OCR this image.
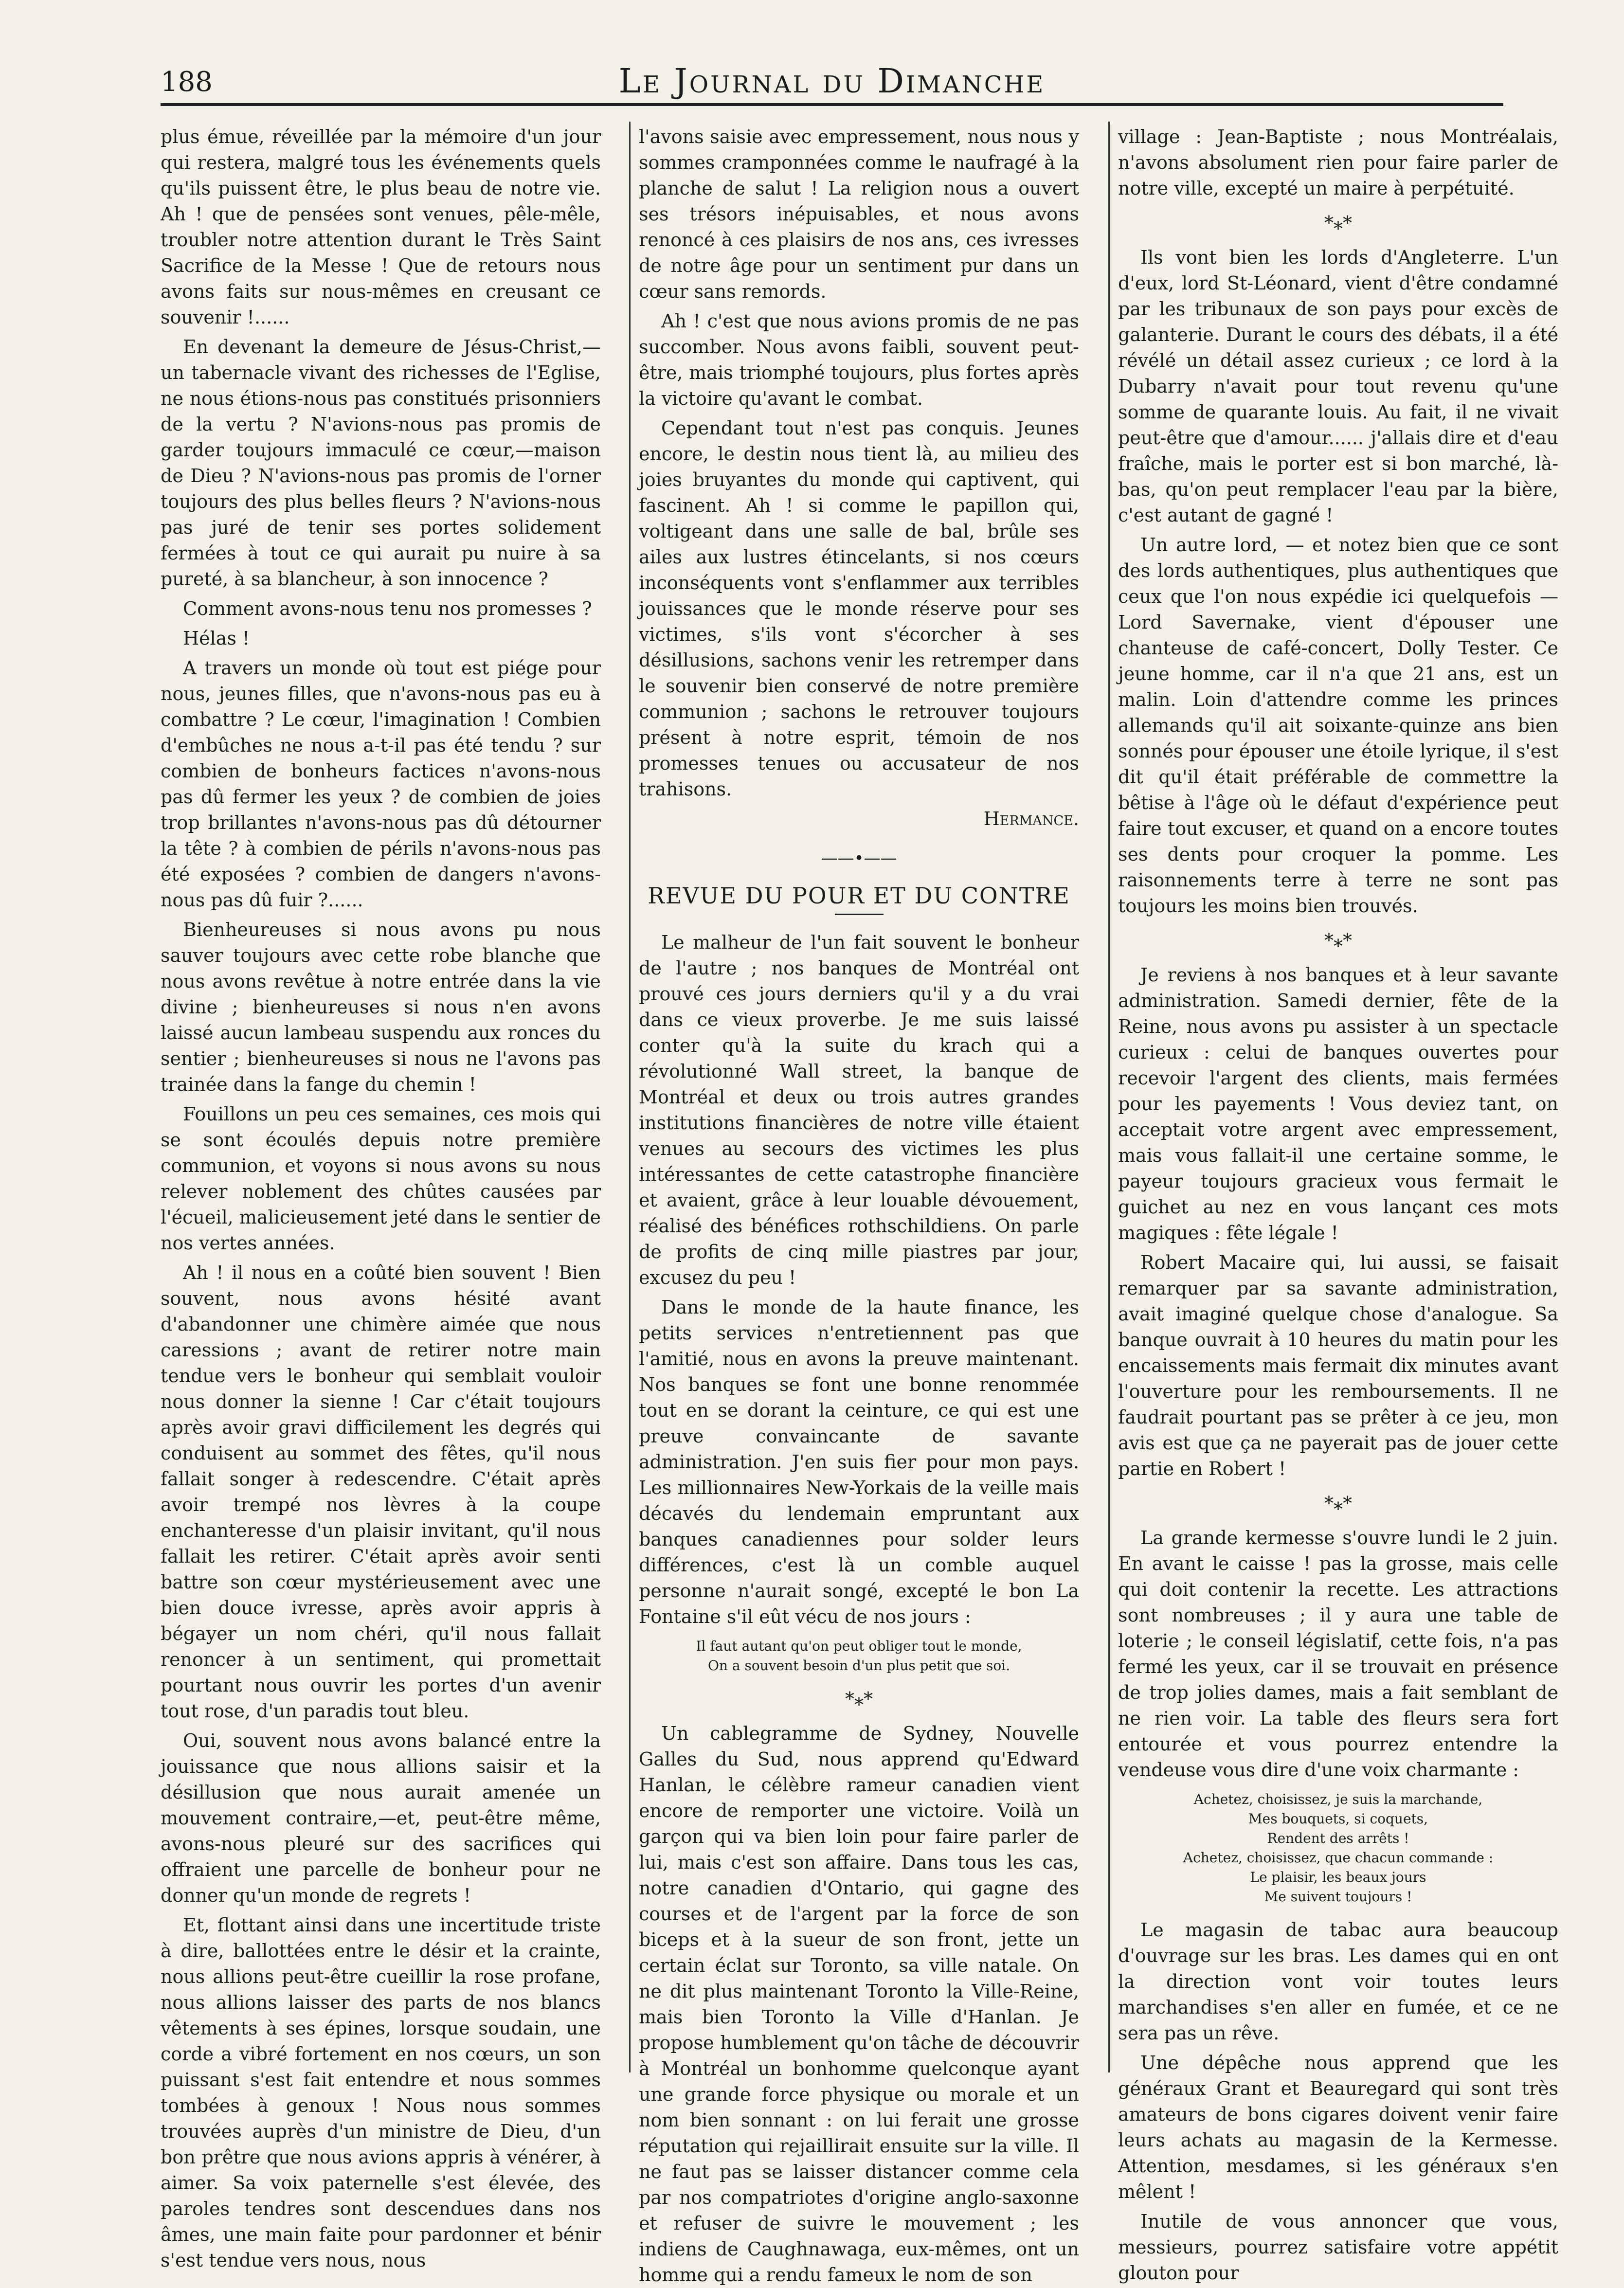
188	Le Journal du Dimanche

plus émue, réveillée par la mémoire d'un jour qui restera, malgré tous les événements quels qu'ils puissent être, le plus beau de notre vie. Ah ! que de pensées sont venues, pêle-mêle, troubler notre attention durant le Très Saint Sacrifice de la Messe ! Que de retours nous avons faits sur nous-mêmes en creusant ce souvenir !......

En devenant la demeure de Jésus-Christ,—un tabernacle vivant des richesses de l'Eglise, ne nous étions-nous pas constitués prisonniers de la vertu ? N'avions-nous pas promis de garder toujours immaculé ce cœur,—maison de Dieu ? N'avions-nous pas promis de l'orner toujours des plus belles fleurs ? N'avions-nous pas juré de tenir ses portes solidement fermées à tout ce qui aurait pu nuire à sa pureté, à sa blancheur, à son innocence ?

Comment avons-nous tenu nos promesses ?

Hélas !

A travers un monde où tout est piége pour nous, jeunes filles, que n'avons-nous pas eu à combattre ? Le cœur, l'imagination ! Combien d'embûches ne nous a-t-il pas été tendu ? sur combien de bonheurs factices n'avons-nous pas dû fermer les yeux ? de combien de joies trop brillantes n'avons-nous pas dû détourner la tête ? à combien de périls n'avons-nous pas été exposées ? combien de dangers n'avons-nous pas dû fuir ?......

Bienheureuses si nous avons pu nous sauver toujours avec cette robe blanche que nous avons revêtue à notre entrée dans la vie divine ; bienheureuses si nous n'en avons laissé aucun lambeau suspendu aux ronces du sentier ; bienheureuses si nous ne l'avons pas trainée dans la fange du chemin !

Fouillons un peu ces semaines, ces mois qui se sont écoulés depuis notre première communion, et voyons si nous avons su nous relever noblement des chûtes causées par l'écueil, malicieusement jeté dans le sentier de nos vertes années.

Ah ! il nous en a coûté bien souvent ! Bien souvent, nous avons hésité avant d'abandonner une chimère aimée que nous caressions ; avant de retirer notre main tendue vers le bonheur qui semblait vouloir nous donner la sienne ! Car c'était toujours après avoir gravi difficilement les degrés qui conduisent au sommet des fêtes, qu'il nous fallait songer à redescendre. C'était après avoir trempé nos lèvres à la coupe enchanteresse d'un plaisir invitant, qu'il nous fallait les retirer. C'était après avoir senti battre son cœur mystérieusement avec une bien douce ivresse, après avoir appris à bégayer un nom chéri, qu'il nous fallait renoncer à un sentiment, qui promettait pourtant nous ouvrir les portes d'un avenir tout rose, d'un paradis tout bleu.

Oui, souvent nous avons balancé entre la jouissance que nous allions saisir et la désillusion que nous aurait amenée un mouvement contraire,—et, peut-être même, avons-nous pleuré sur des sacrifices qui offraient une parcelle de bonheur pour ne donner qu'un monde de regrets !

Et, flottant ainsi dans une incertitude triste à dire, ballottées entre le désir et la crainte, nous allions peut-être cueillir la rose profane, nous allions laisser des parts de nos blancs vêtements à ses épines, lorsque soudain, une corde a vibré fortement en nos cœurs, un son puissant s'est fait entendre et nous sommes tombées à genoux ! Nous nous sommes trouvées auprès d'un ministre de Dieu, d'un bon prêtre que nous avions appris à vénérer, à aimer. Sa voix paternelle s'est élevée, des paroles tendres sont descendues dans nos âmes, une main faite pour pardonner et bénir s'est tendue vers nous, nous

l'avons saisie avec empressement, nous nous y sommes cramponnées comme le naufragé à la planche de salut ! La religion nous a ouvert ses trésors inépuisables, et nous avons renoncé à ces plaisirs de nos ans, ces ivresses de notre âge pour un sentiment pur dans un cœur sans remords.

Ah ! c'est que nous avions promis de ne pas succomber. Nous avons faibli, souvent peut-être, mais triomphé toujours, plus fortes après la victoire qu'avant le combat.

Cependant tout n'est pas conquis. Jeunes encore, le destin nous tient là, au milieu des joies bruyantes du monde qui captivent, qui fascinent. Ah ! si comme le papillon qui, voltigeant dans une salle de bal, brûle ses ailes aux lustres étincelants, si nos cœurs inconséquents vont s'enflammer aux terribles jouissances que le monde réserve pour ses victimes, s'ils vont s'écorcher à ses désillusions, sachons venir les retremper dans le souvenir bien conservé de notre première communion ; sachons le retrouver toujours présent à notre esprit, témoin de nos promesses tenues ou accusateur de nos trahisons.

Hermance.
——•——
REVUE DU POUR ET DU CONTRE

Le malheur de l'un fait souvent le bonheur de l'autre ; nos banques de Montréal ont prouvé ces jours derniers qu'il y a du vrai dans ce vieux proverbe. Je me suis laissé conter qu'à la suite du krach qui a révolutionné Wall street, la banque de Montréal et deux ou trois autres grandes institutions financières de notre ville étaient venues au secours des victimes les plus intéressantes de cette catastrophe financière et avaient, grâce à leur louable dévouement, réalisé des bénéfices rothschildiens. On parle de profits de cinq mille piastres par jour, excusez du peu !

Dans le monde de la haute finance, les petits services n'entretiennent pas que l'amitié, nous en avons la preuve maintenant. Nos banques se font une bonne renommée tout en se dorant la ceinture, ce qui est une preuve convaincante de savante administration. J'en suis fier pour mon pays. Les millionnaires New-Yorkais de la veille mais décavés du lendemain empruntant aux banques canadiennes pour solder leurs différences, c'est là un comble auquel personne n'aurait songé, excepté le bon La Fontaine s'il eût vécu de nos jours :

Il faut autant qu'on peut obliger tout le monde,
On a souvent besoin d'un plus petit que soi.
*⁎*

Un cablegramme de Sydney, Nouvelle Galles du Sud, nous apprend qu'Edward Hanlan, le célèbre rameur canadien vient encore de remporter une victoire. Voilà un garçon qui va bien loin pour faire parler de lui, mais c'est son affaire. Dans tous les cas, notre canadien d'Ontario, qui gagne des courses et de l'argent par la force de son biceps et à la sueur de son front, jette un certain éclat sur Toronto, sa ville natale. On ne dit plus maintenant Toronto la Ville-Reine, mais bien Toronto la Ville d'Hanlan. Je propose humblement qu'on tâche de découvrir à Montréal un bonhomme quelconque ayant une grande force physique ou morale et un nom bien sonnant : on lui ferait une grosse réputation qui rejaillirait ensuite sur la ville. Il ne faut pas se laisser distancer comme cela par nos compatriotes d'origine anglo-saxonne et refuser de suivre le mouvement ; les indiens de Caughnawaga, eux-mêmes, ont un homme qui a rendu fameux le nom de son

village : Jean-Baptiste ; nous Montréalais, n'avons absolument rien pour faire parler de notre ville, excepté un maire à perpétuité.

*⁎*

Ils vont bien les lords d'Angleterre. L'un d'eux, lord St-Léonard, vient d'être condamné par les tribunaux de son pays pour excès de galanterie. Durant le cours des débats, il a été révélé un détail assez curieux ; ce lord à la Dubarry n'avait pour tout revenu qu'une somme de quarante louis. Au fait, il ne vivait peut-être que d'amour...... j'allais dire et d'eau fraîche, mais le porter est si bon marché, là-bas, qu'on peut remplacer l'eau par la bière, c'est autant de gagné !

Un autre lord, — et notez bien que ce sont des lords authentiques, plus authentiques que ceux que l'on nous expédie ici quelquefois — Lord Savernake, vient d'épouser une chanteuse de café-concert, Dolly Tester. Ce jeune homme, car il n'a que 21 ans, est un malin. Loin d'attendre comme les princes allemands qu'il ait soixante-quinze ans bien sonnés pour épouser une étoile lyrique, il s'est dit qu'il était préférable de commettre la bêtise à l'âge où le défaut d'expérience peut faire tout excuser, et quand on a encore toutes ses dents pour croquer la pomme. Les raisonnements terre à terre ne sont pas toujours les moins bien trouvés.

*⁎*

Je reviens à nos banques et à leur savante administration. Samedi dernier, fête de la Reine, nous avons pu assister à un spectacle curieux : celui de banques ouvertes pour recevoir l'argent des clients, mais fermées pour les payements ! Vous deviez tant, on acceptait votre argent avec empressement, mais vous fallait-il une certaine somme, le payeur toujours gracieux vous fermait le guichet au nez en vous lançant ces mots magiques : fête légale !

Robert Macaire qui, lui aussi, se faisait remarquer par sa savante administration, avait imaginé quelque chose d'analogue. Sa banque ouvrait à 10 heures du matin pour les encaissements mais fermait dix minutes avant l'ouverture pour les remboursements. Il ne faudrait pourtant pas se prêter à ce jeu, mon avis est que ça ne payerait pas de jouer cette partie en Robert !

*⁎*

La grande kermesse s'ouvre lundi le 2 juin. En avant le caisse ! pas la grosse, mais celle qui doit contenir la recette. Les attractions sont nombreuses ; il y aura une table de loterie ; le conseil législatif, cette fois, n'a pas fermé les yeux, car il se trouvait en présence de trop jolies dames, mais a fait semblant de ne rien voir. La table des fleurs sera fort entourée et vous pourrez entendre la vendeuse vous dire d'une voix charmante :

Achetez, choisissez, je suis la marchande,
Mes bouquets, si coquets,
Rendent des arrêts !
Achetez, choisissez, que chacun commande :
Le plaisir, les beaux jours
Me suivent toujours !

Le magasin de tabac aura beaucoup d'ouvrage sur les bras. Les dames qui en ont la direction vont voir toutes leurs marchandises s'en aller en fumée, et ce ne sera pas un rêve.

Une dépêche nous apprend que les généraux Grant et Beauregard qui sont très amateurs de bons cigares doivent venir faire leurs achats au magasin de la Kermesse. Attention, mesdames, si les généraux s'en mêlent !

Inutile de vous annoncer que vous, messieurs, pourrez satisfaire votre appétit glouton pour
